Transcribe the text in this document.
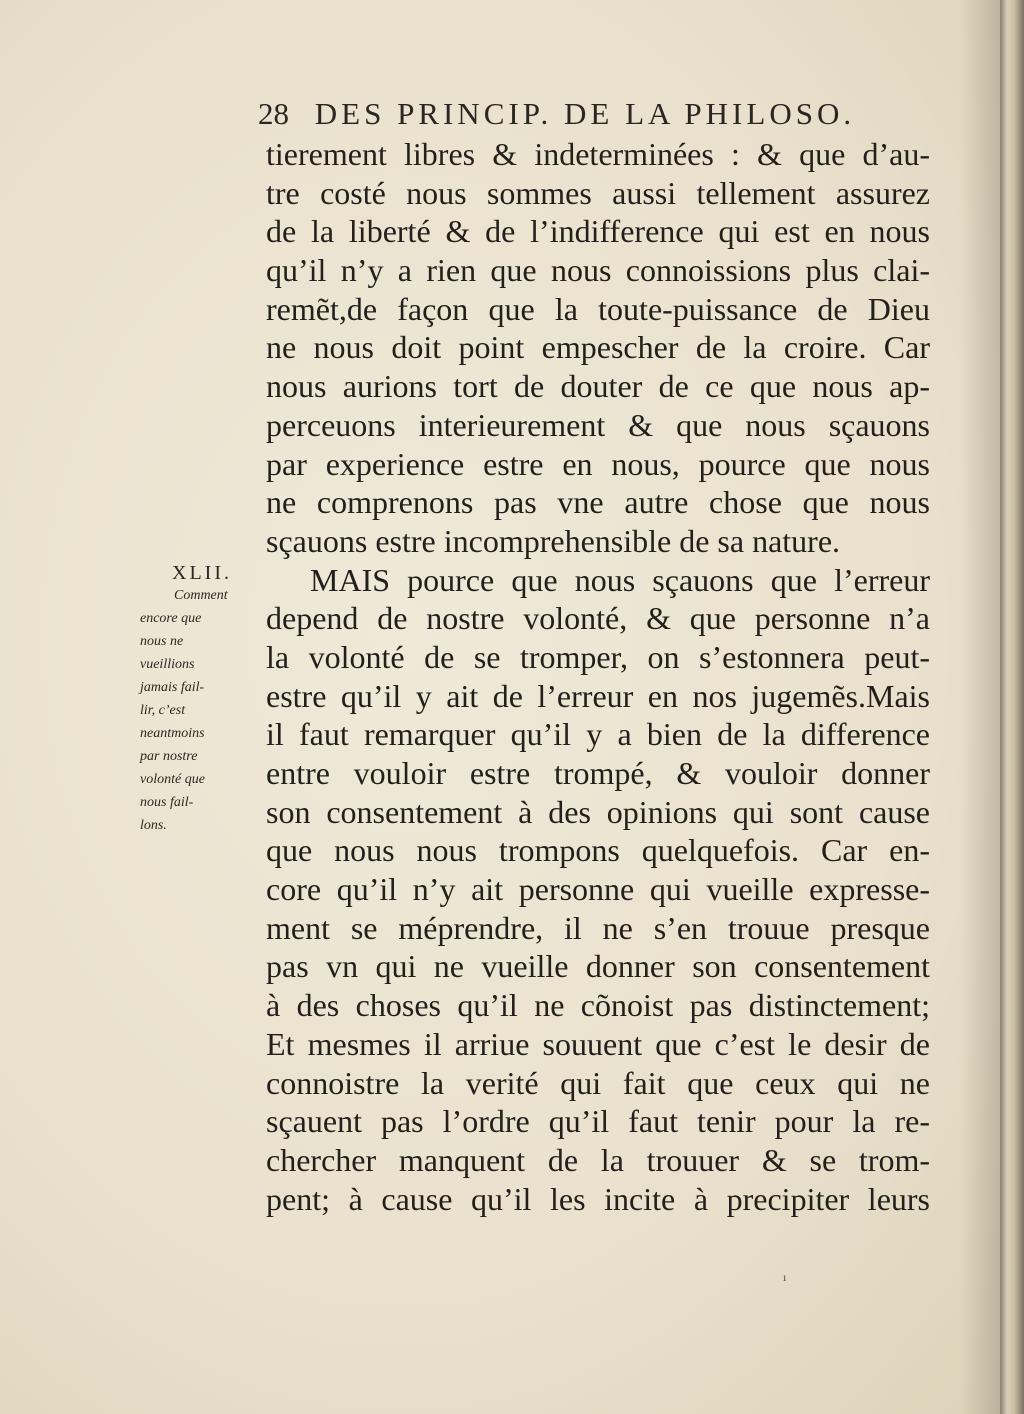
28 DES PRINCIP. DE LA PHILOSO.
XLII.
Comment
encore que
nous ne
vueillions
jamais fail-
lir, c’est
neantmoins
par nostre
volonté que
nous fail-
lons.
tierement libres & indeterminées : & que d’au-
tre costé nous sommes aussi tellement assurez
de la liberté & de l’indifference qui est en nous
qu’il n’y a rien que nous connoissions plus clai-
remẽt,de façon que la toute-puissance de Dieu
ne nous doit point empescher de la croire. Car
nous aurions tort de douter de ce que nous ap-
perceuons interieurement & que nous sçauons
par experience estre en nous, pource que nous
ne comprenons pas vne autre chose que nous
sçauons estre incomprehensible de sa nature.
MAIS pource que nous sçauons que l’erreur
depend de nostre volonté, & que personne n’a
la volonté de se tromper, on s’estonnera peut-
estre qu’il y ait de l’erreur en nos jugemẽs.Mais
il faut remarquer qu’il y a bien de la difference
entre vouloir estre trompé, & vouloir donner
son consentement à des opinions qui sont cause
que nous nous trompons quelquefois. Car en-
core qu’il n’y ait personne qui vueille expresse-
ment se méprendre, il ne s’en trouue presque
pas vn qui ne vueille donner son consentement
à des choses qu’il ne cõnoist pas distinctement;
Et mesmes il arriue souuent que c’est le desir de
connoistre la verité qui fait que ceux qui ne
sçauent pas l’ordre qu’il faut tenir pour la re-
chercher manquent de la trouuer & se trom-
pent; à cause qu’il les incite à precipiter leurs
ı
